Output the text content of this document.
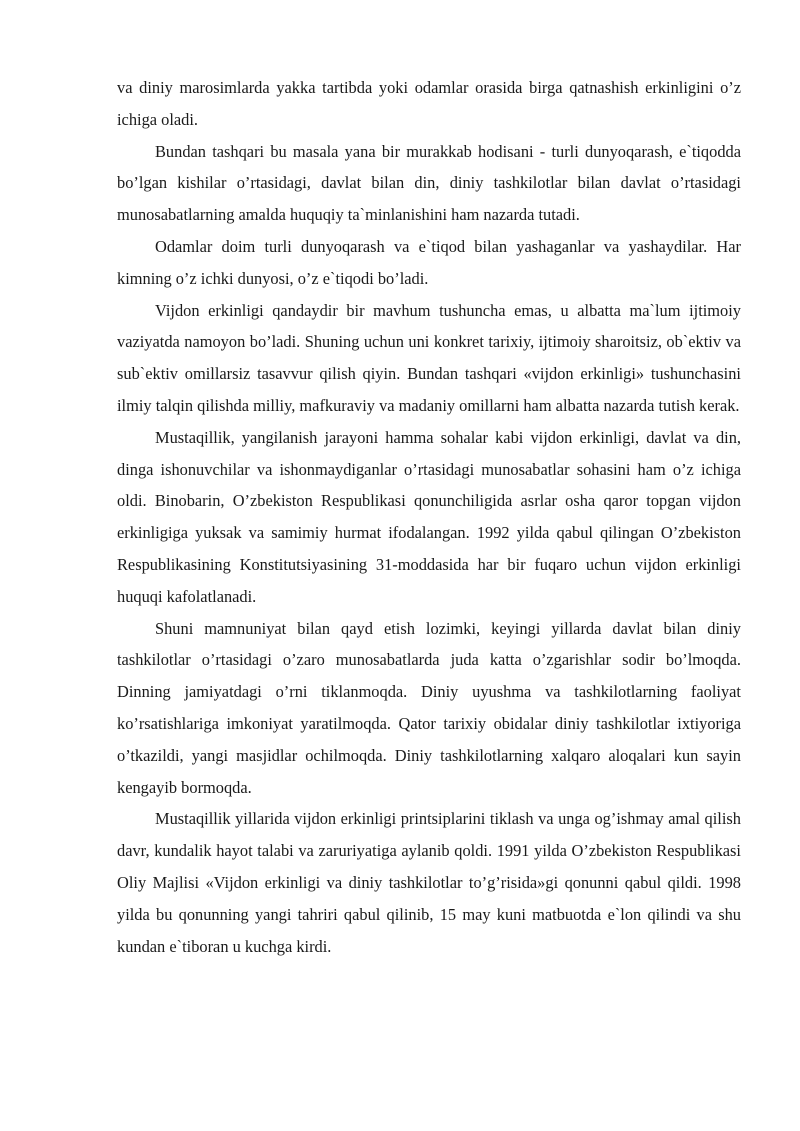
va diniy marosimlarda yakka tartibda yoki odamlar orasida birga qatnashish erkinligini o’z ichiga oladi.

Bundan tashqari bu masala yana bir murakkab hodisani - turli dunyoqarash, e`tiqodda bo’lgan kishilar o’rtasidagi, davlat bilan din, diniy tashkilotlar bilan davlat o’rtasidagi munosabatlarning amalda huquqiy ta`minlanishini ham nazarda tutadi.

Odamlar doim turli dunyoqarash va e`tiqod bilan yashaganlar va yashaydilar. Har kimning o’z ichki dunyosi, o’z e`tiqodi bo’ladi.

Vijdon erkinligi qandaydir bir mavhum tushuncha emas, u albatta ma`lum ijtimoiy vaziyatda namoyon bo’ladi. Shuning uchun uni konkret tarixiy, ijtimoiy sharoitsiz, ob`ektiv va sub`ektiv omillarsiz tasavvur qilish qiyin. Bundan tashqari «vijdon erkinligi» tushunchasini ilmiy talqin qilishda milliy, mafkuraviy va madaniy omillarni ham albatta nazarda tutish kerak.

Mustaqillik, yangilanish jarayoni hamma sohalar kabi vijdon erkinligi, davlat va din, dinga ishonuvchilar va ishonmaydiganlar o’rtasidagi munosabatlar sohasini ham o’z ichiga oldi. Binobarin, O’zbekiston Respublikasi qonunchiligida asrlar osha qaror topgan vijdon erkinligiga yuksak va samimiy hurmat ifodalangan. 1992 yilda qabul qilingan O’zbekiston Respublikasining Konstitutsiyasining 31-moddasida har bir fuqaro uchun vijdon erkinligi huquqi kafolatlanadi.

Shuni mamnuniyat bilan qayd etish lozimki, keyingi yillarda davlat bilan diniy tashkilotlar o’rtasidagi o’zaro munosabatlarda juda katta o’zgarishlar sodir bo’lmoqda. Dinning jamiyatdagi o’rni tiklanmoqda. Diniy uyushma va tashkilotlarning faoliyat ko’rsatishlariga imkoniyat yaratilmoqda. Qator tarixiy obidalar diniy tashkilotlar ixtiyoriga o’tkazildi, yangi masjidlar ochilmoqda. Diniy tashkilotlarning xalqaro aloqalari kun sayin kengayib bormoqda.

Mustaqillik yillarida vijdon erkinligi printsiplarini tiklash va unga og’ishmay amal qilish davr, kundalik hayot talabi va zaruriyatiga aylanib qoldi. 1991 yilda O’zbekiston Respublikasi Oliy Majlisi «Vijdon erkinligi va diniy tashkilotlar to’g’risida»gi qonunni qabul qildi. 1998 yilda bu qonunning yangi tahriri qabul qilinib, 15 may kuni matbuotda e`lon qilindi va shu kundan e`tiboran u kuchga kirdi.
